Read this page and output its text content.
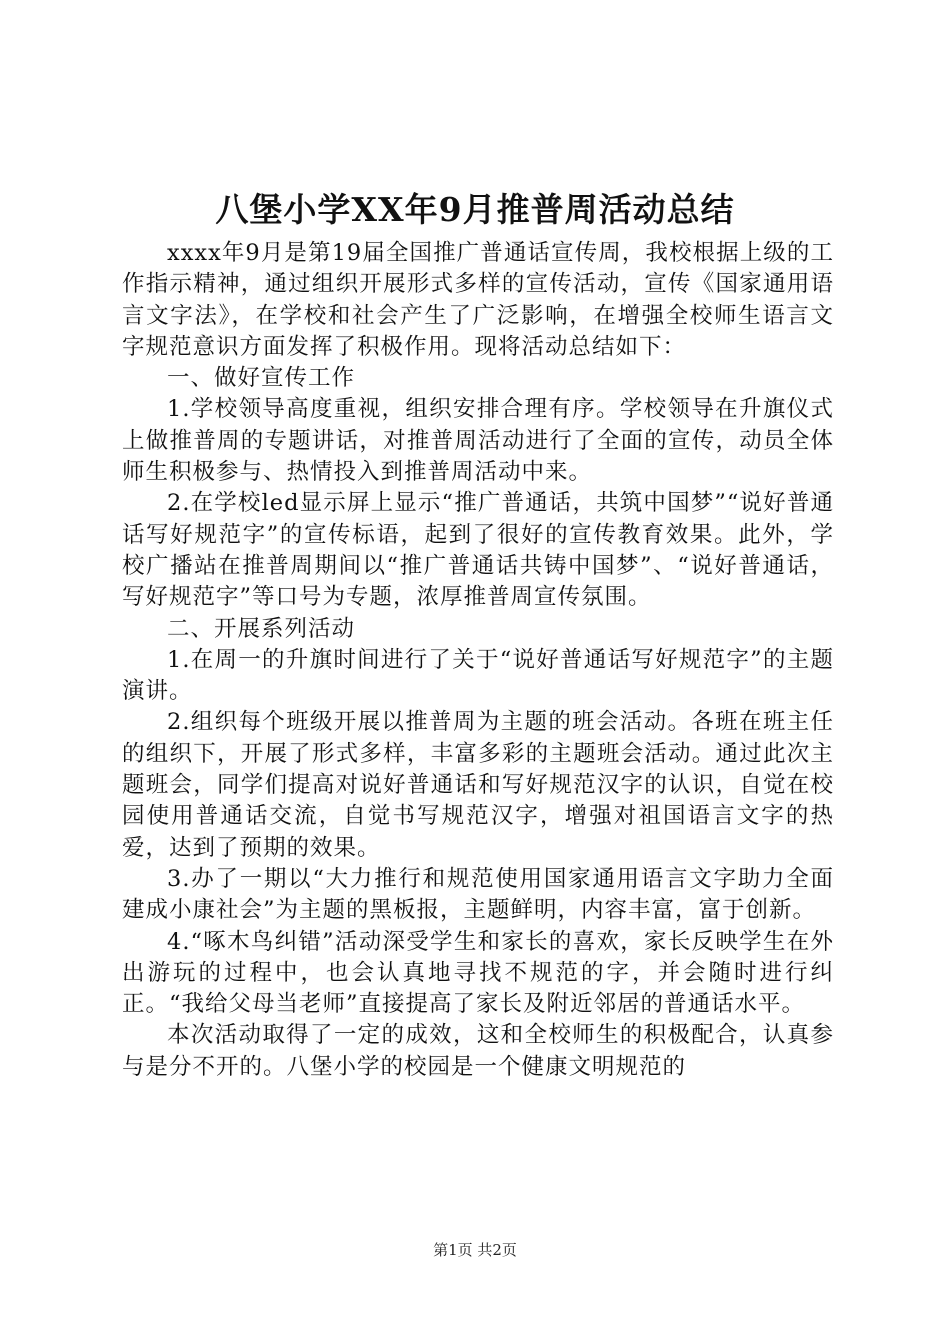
八堡小学XX年9月推普周活动总结

xxxx年9月是第19届全国推广普通话宣传周，我校根据上级的工作指示精神，通过组织开展形式多样的宣传活动，宣传《国家通用语言文字法》，在学校和社会产生了广泛影响，在增强全校师生语言文字规范意识方面发挥了积极作用。现将活动总结如下：

一、做好宣传工作

1.学校领导高度重视，组织安排合理有序。学校领导在升旗仪式上做推普周的专题讲话，对推普周活动进行了全面的宣传，动员全体师生积极参与、热情投入到推普周活动中来。

2.在学校led显示屏上显示“推广普通话，共筑中国梦”“说好普通话写好规范字”的宣传标语，起到了很好的宣传教育效果。此外，学校广播站在推普周期间以“推广普通话共铸中国梦”、“说好普通话，写好规范字”等口号为专题，浓厚推普周宣传氛围。

二、开展系列活动

1.在周一的升旗时间进行了关于“说好普通话写好规范字”的主题演讲。

2.组织每个班级开展以推普周为主题的班会活动。各班在班主任的组织下，开展了形式多样，丰富多彩的主题班会活动。通过此次主题班会，同学们提高对说好普通话和写好规范汉字的认识，自觉在校园使用普通话交流，自觉书写规范汉字，增强对祖国语言文字的热爱，达到了预期的效果。

3.办了一期以“大力推行和规范使用国家通用语言文字助力全面建成小康社会”为主题的黑板报，主题鲜明，内容丰富，富于创新。

4.“啄木鸟纠错”活动深受学生和家长的喜欢，家长反映学生在外出游玩的过程中，也会认真地寻找不规范的字，并会随时进行纠正。“我给父母当老师”直接提高了家长及附近邻居的普通话水平。

本次活动取得了一定的成效，这和全校师生的积极配合，认真参与是分不开的。八堡小学的校园是一个健康文明规范的

第1页 共2页
